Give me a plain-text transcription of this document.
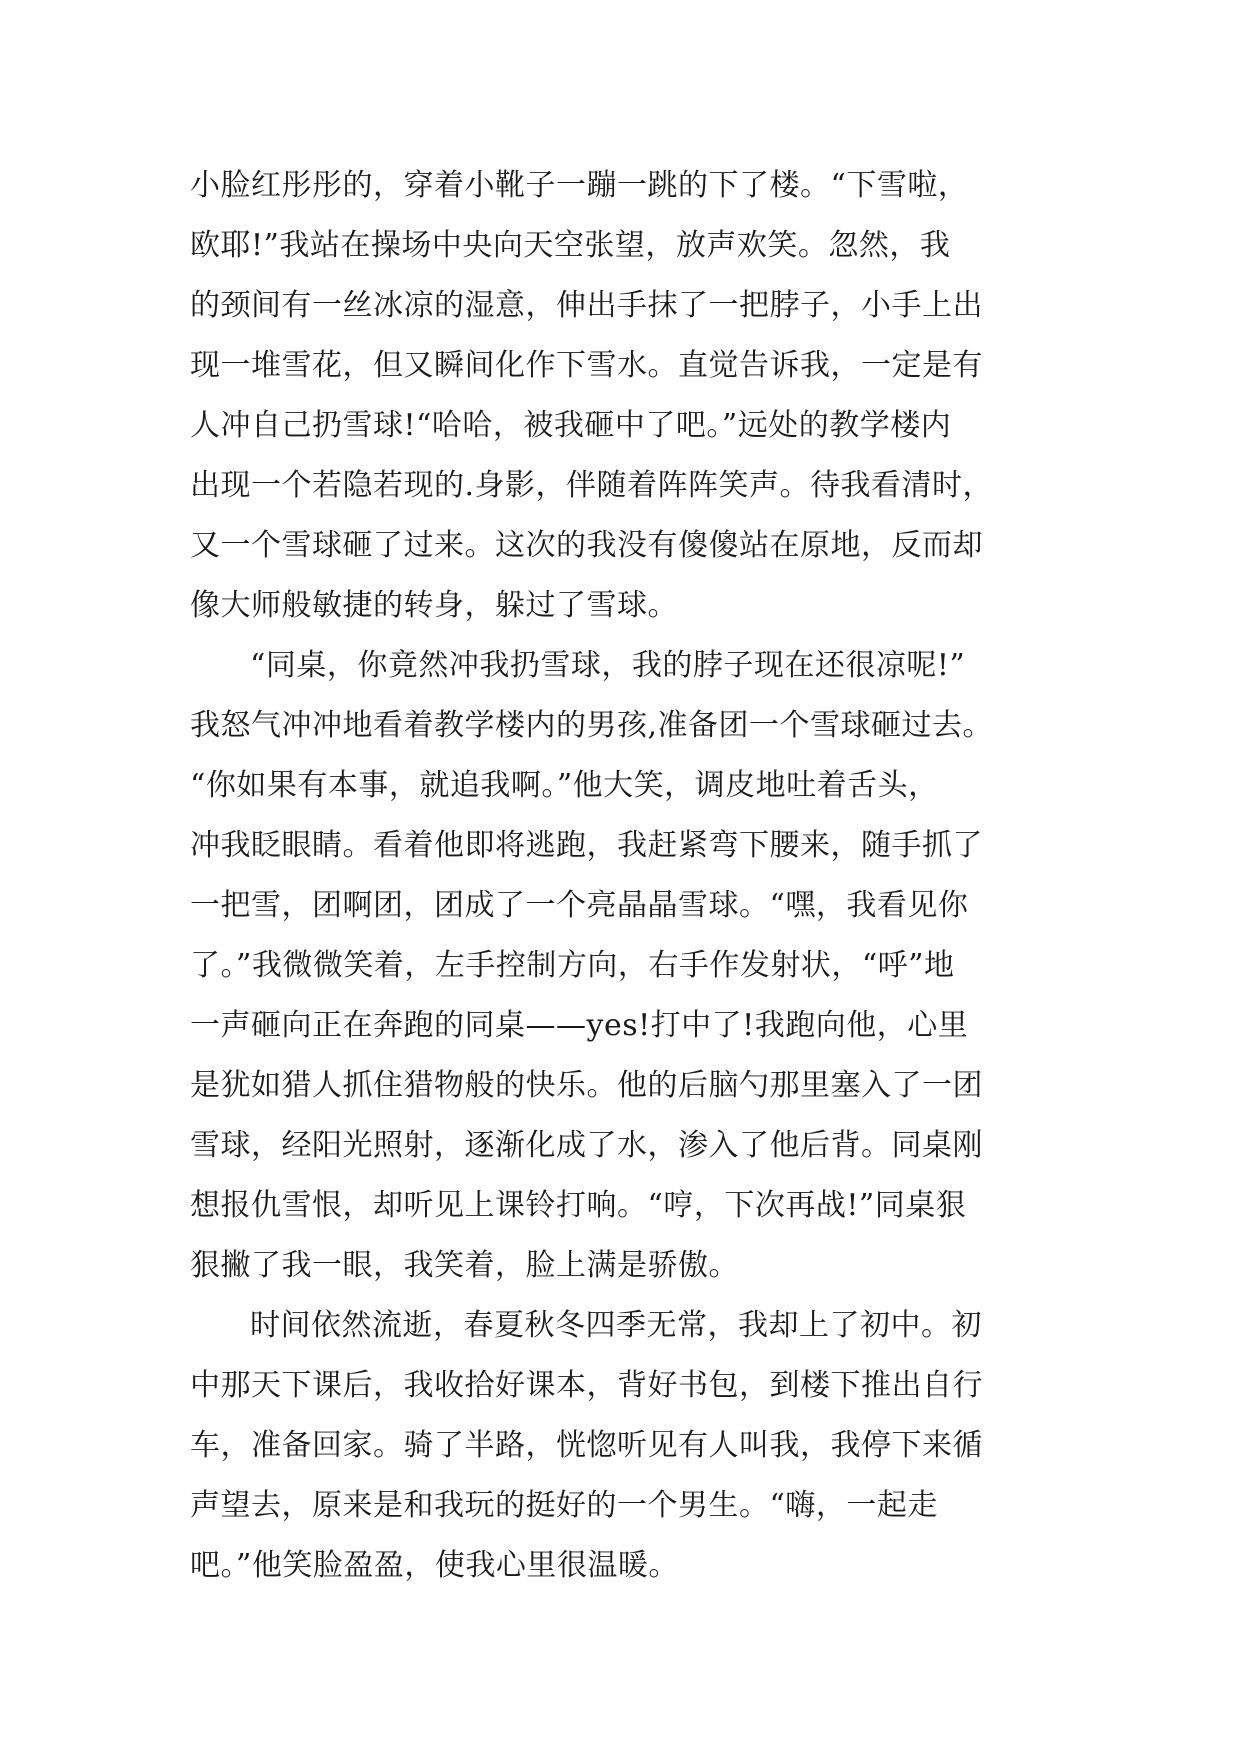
小脸红彤彤的，穿着小靴子一蹦一跳的下了楼。“下雪啦，
欧耶!”我站在操场中央向天空张望，放声欢笑。忽然，我
的颈间有一丝冰凉的湿意，伸出手抹了一把脖子，小手上出
现一堆雪花，但又瞬间化作下雪水。直觉告诉我，一定是有
人冲自己扔雪球!“哈哈，被我砸中了吧。”远处的教学楼内
出现一个若隐若现的.身影，伴随着阵阵笑声。待我看清时，
又一个雪球砸了过来。这次的我没有傻傻站在原地，反而却
像大师般敏捷的转身，躲过了雪球。
“同桌，你竟然冲我扔雪球，我的脖子现在还很凉呢!”
我怒气冲冲地看着教学楼内的男孩,准备团一个雪球砸过去。
“你如果有本事，就追我啊。”他大笑，调皮地吐着舌头，
冲我眨眼睛。看着他即将逃跑，我赶紧弯下腰来，随手抓了
一把雪，团啊团，团成了一个亮晶晶雪球。“嘿，我看见你
了。”我微微笑着，左手控制方向，右手作发射状，“呼”地
一声砸向正在奔跑的同桌——yes!打中了!我跑向他，心里
是犹如猎人抓住猎物般的快乐。他的后脑勺那里塞入了一团
雪球，经阳光照射，逐渐化成了水，渗入了他后背。同桌刚
想报仇雪恨，却听见上课铃打响。“哼，下次再战!”同桌狠
狠撇了我一眼，我笑着，脸上满是骄傲。
时间依然流逝，春夏秋冬四季无常，我却上了初中。初
中那天下课后，我收拾好课本，背好书包，到楼下推出自行
车，准备回家。骑了半路，恍惚听见有人叫我，我停下来循
声望去，原来是和我玩的挺好的一个男生。“嗨，一起走
吧。”他笑脸盈盈，使我心里很温暖。
